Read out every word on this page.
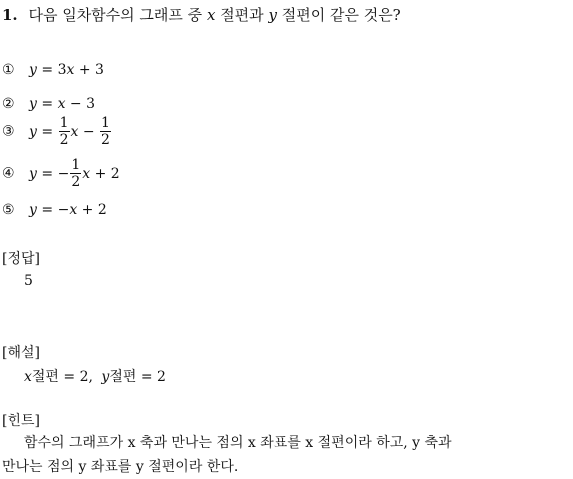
1. 다음 일차함수의 그래프 중 x 절편과 y 절편이 같은 것은?
① y = 3x + 3
② y = x − 3
③ $y = \frac{1}{2}$ $x - \frac{1}{2}$
④ y = − $\frac{1}{2}$ x + 2
⑤ y = −x + 2
[정답]
5
[해설]
x절편 = 2, y절편 = 2
[힌트]
함수의 그래프가 x 축과 만나는 점의 x 좌표를 x 절편이라 하고, y 축과
만나는 점의 y 좌표를 y 절편이라 한다.
